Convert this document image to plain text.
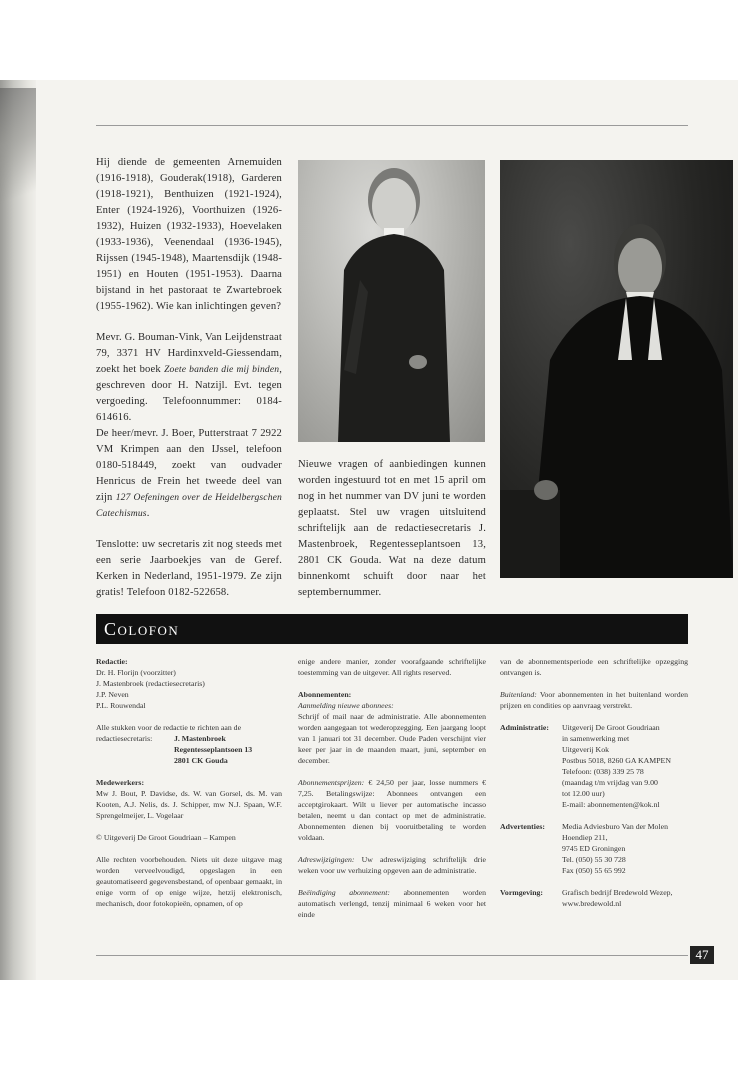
Hij diende de gemeenten Arnemuiden (1916-1918), Gouderak(1918), Garderen (1918-1921), Benthuizen (1921-1924), Enter (1924-1926), Voorthuizen (1926-1932), Huizen (1932-1933), Hoevelaken (1933-1936), Veenendaal (1936-1945), Rijssen (1945-1948), Maartensdijk (1948-1951) en Houten (1951-1953). Daarna bijstand in het pastoraat te Zwartebroek (1955-1962). Wie kan inlichtingen geven?

Mevr. G. Bouman-Vink, Van Leijdenstraat 79, 3371 HV Hardinxveld-Giessendam, zoekt het boek Zoete banden die mij binden, geschreven door H. Natzijl. Evt. tegen vergoeding. Telefoonnummer: 0184-614616.

De heer/mevr. J. Boer, Putterstraat 7 2922 VM Krimpen aan den IJssel, telefoon 0180-518449, zoekt van oudvader Henricus de Frein het tweede deel van zijn 127 Oefeningen over de Heidelbergschen Catechismus.

Tenslotte: uw secretaris zit nog steeds met een serie Jaarboekjes van de Geref. Kerken in Nederland, 1951-1979. Ze zijn gratis! Telefoon 0182-522658.

Nieuwe vragen of aanbiedingen kunnen worden ingestuurd tot en met 15 april om nog in het nummer van DV juni te worden geplaatst. Stel uw vragen uitsluitend schriftelijk aan de redactiesecretaris J. Mastenbroek, Regentesseplantsoen 13, 2801 CK Gouda. Wat na deze datum binnenkomt schuift door naar het septembernummer.

Colofon

Redactie:

Dr. H. Florijn (voorzitter)

J. Mastenbroek (redactiesecretaris)

J.P. Neven

P.L. Rouwendal

Alle stukken voor de redactie te richten aan de

redactiesecretaris:	J. Mastenbroek

Regentesseplantsoen 13

2801 CK Gouda

Medewerkers:

Mw J. Bout, P. Davidse, ds. W. van Gorsel, ds. M. van Kooten, A.J. Nelis, ds. J. Schipper, mw N.J. Spaan, W.F. Sprengelmeijer, L. Vogelaar

© Uitgeverij De Groot Goudriaan – Kampen

Alle rechten voorbehouden. Niets uit deze uitgave mag worden verveelvoudigd, opgeslagen in een geautomatiseerd gegevensbestand, of openbaar gemaakt, in enige vorm of op enige wijze, hetzij elektronisch, mechanisch, door fotokopieën, opnamen, of op

enige andere manier, zonder voorafgaande schriftelijke toestemming van de uitgever. All rights reserved.

Abonnementen:

Aanmelding nieuwe abonnees:

Schrijf of mail naar de administratie. Alle abonnementen worden aangegaan tot wederopzegging. Een jaargang loopt van 1 januari tot 31 december. Oude Paden verschijnt vier keer per jaar in de maanden maart, juni, september en december.

Abonnementsprijzen: € 24,50 per jaar, losse nummers € 7,25. Betalingswijze: Abonnees ontvangen een acceptgirokaart. Wilt u liever per automatische incasso betalen, neemt u dan contact op met de administratie. Abonnementen dienen bij vooruitbetaling te worden voldaan.

Adreswijzigingen: Uw adreswijziging schriftelijk drie weken voor uw verhuizing opgeven aan de administratie.

Beëindiging abonnement: abonnementen worden automatisch verlengd, tenzij minimaal 6 weken voor het einde

van de abonnementsperiode een schriftelijke opzegging ontvangen is.

Buitenland: Voor abonnementen in het buitenland worden prijzen en condities op aanvraag verstrekt.

Administratie:	Uitgeverij De Groot Goudriaan

in samenwerking met

Uitgeverij Kok

Postbus 5018, 8260 GA KAMPEN

Telefoon: (038) 339 25 78

(maandag t/m vrijdag van 9.00

tot 12.00 uur)

E-mail: abonnementen@kok.nl

Advertenties:	Media Adviesburo Van der Molen

Hoendiep 211,

9745 ED Groningen

Tel. (050) 55 30 728

Fax (050) 55 65 992

Vormgeving:	Grafisch bedrijf Bredewold Wezep,

www.bredewold.nl

47
